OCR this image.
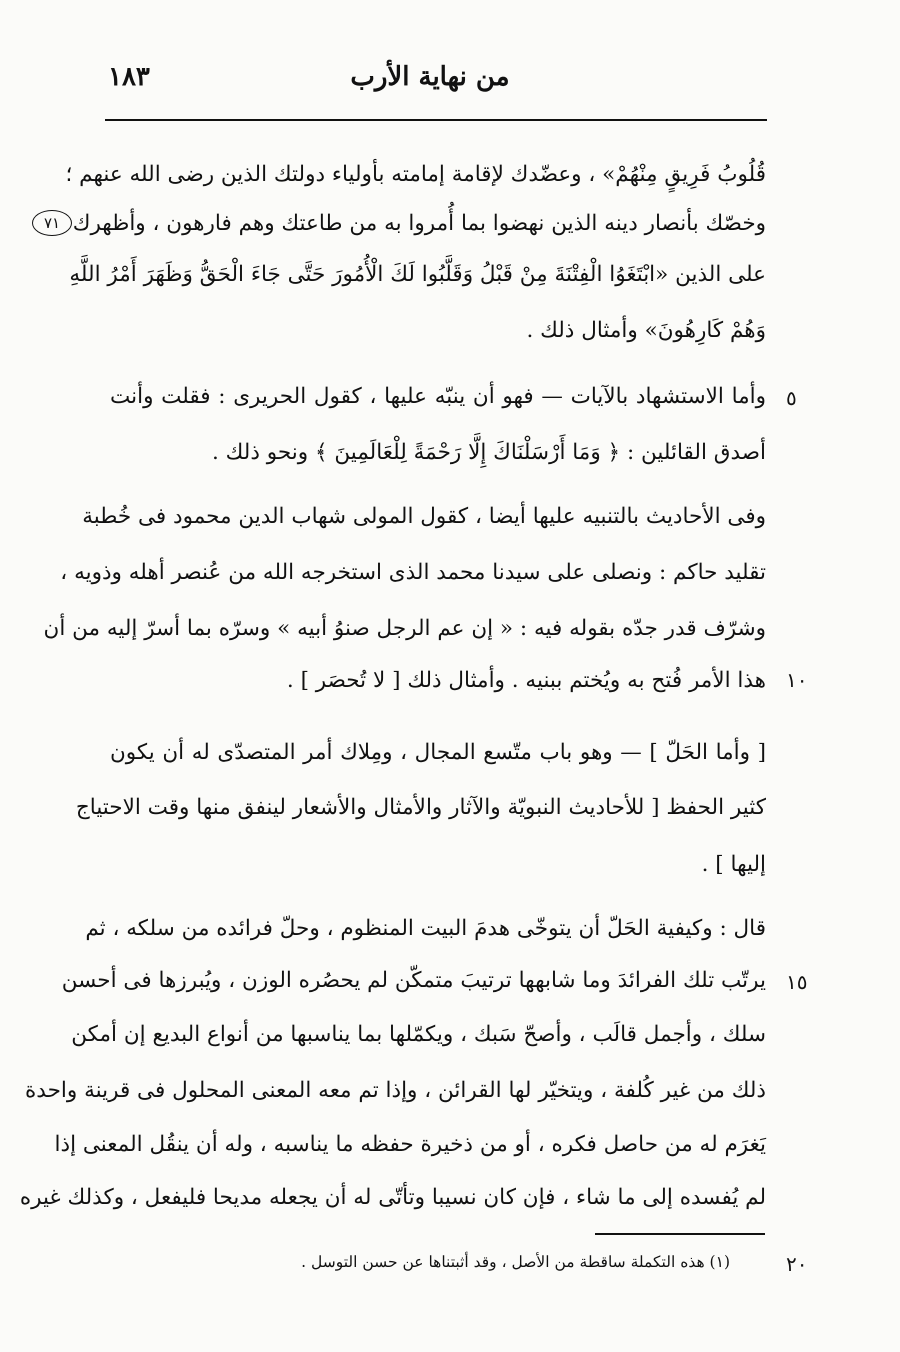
من نهاية الأرب
١٨٣
٧١
قُلُوبُ فَرِيقٍ مِنْهُمْ» ، وعضّدك لإقامة إمامته بأولياء دولتك الذين رضى الله عنهم ؛
وخصّك بأنصار دينه الذين نهضوا بما أُمروا به من طاعتك وهم فارهون ، وأظهرك
على الذين «ابْتَغَوُا الْفِتْنَةَ مِنْ قَبْلُ وَقَلَّبُوا لَكَ الْأُمُورَ حَتَّى جَاءَ الْحَقُّ وَظَهَرَ أَمْرُ اللَّهِ
وَهُمْ كَارِهُونَ» وأمثال ذلك .
وأما الاستشهاد بالآيات — فهو أن ينبّه عليها ، كقول الحريرى : فقلت وأنت
أصدق القائلين : ﴿ وَمَا أَرْسَلْنَاكَ إِلَّا رَحْمَةً لِلْعَالَمِينَ ﴾ ونحو ذلك .
وفى الأحاديث بالتنبيه عليها أيضا ، كقول المولى شهاب الدين محمود فى خُطبة
تقليد حاكم : ونصلى على سيدنا محمد الذى استخرجه الله من عُنصر أهله وذويه ،
وشرّف قدر جدّه بقوله فيه : « إن عم الرجل صنوُ أبيه » وسرّه بما أسرّ إليه من أن
هذا الأمر فُتح به ويُختم ببنيه . وأمثال ذلك [ لا تُحصَر ] .
[ وأما الحَلّ ] — وهو باب متّسع المجال ، ومِلاك أمر المتصدّى له أن يكون
كثير الحفظ [ للأحاديث النبويّة والآثار والأمثال والأشعار لينفق منها وقت الاحتياج
إليها ] .
قال : وكيفية الحَلّ أن يتوخّى هدمَ البيت المنظوم ، وحلّ فرائده من سلكه ، ثم
يرتّب تلك الفرائدَ وما شابهها ترتيبَ متمكّن لم يحصُره الوزن ، ويُبرزها فى أحسن
سلك ، وأجمل قالَب ، وأصحّ سَبك ، ويكمّلها بما يناسبها من أنواع البديع إن أمكن
ذلك من غير كُلفة ، ويتخيّر لها القرائن ، وإذا تم معه المعنى المحلول فى قرينة واحدة
يَغرَم له من حاصل فكره ، أو من ذخيرة حفظه ما يناسبه ، وله أن ينقُل المعنى إذا
لم يُفسده إلى ما شاء ، فإن كان نسيبا وتأتّى له أن يجعله مديحا فليفعل ، وكذلك غيره
٥
١٠
١٥
٢٠
(١) هذه التكملة ساقطة من الأصل ، وقد أثبتناها عن حسن التوسل .
